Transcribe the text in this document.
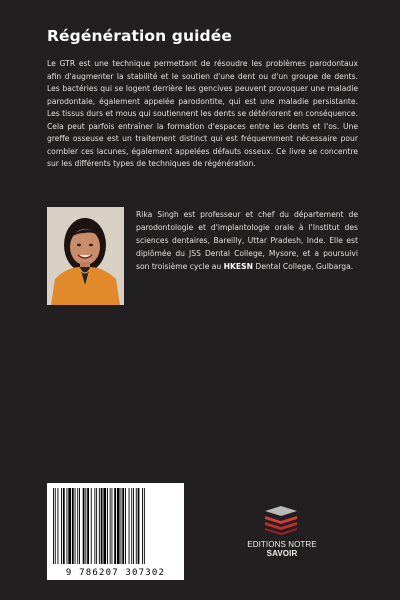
Régénération guidée

Le GTR est une technique permettant de résoudre les problèmes parodontaux afin d'augmenter la stabilité et le soutien d'une dent ou d'un groupe de dents. Les bactéries qui se logent derrière les gencives peuvent provoquer une maladie parodontale, également appelée parodontite, qui est une maladie persistante. Les tissus durs et mous qui soutiennent les dents se détériorent en conséquence. Cela peut parfois entraîner la formation d'espaces entre les dents et l'os. Une greffe osseuse est un traitement distinct qui est fréquemment nécessaire pour combler ces lacunes, également appelées défauts osseux. Ce livre se concentre sur les différents types de techniques de régénération.

Rika Singh est professeur et chef du département de parodontologie et d'implantologie orale à l'Institut des sciences dentaires, Bareilly, Uttar Pradesh, Inde. Elle est diplômée du JSS Dental College, Mysore, et a poursuivi son troisième cycle au HKESN Dental College, Gulbarga.

9 786207 307302
EDITIONS NOTRE SAVOIR
